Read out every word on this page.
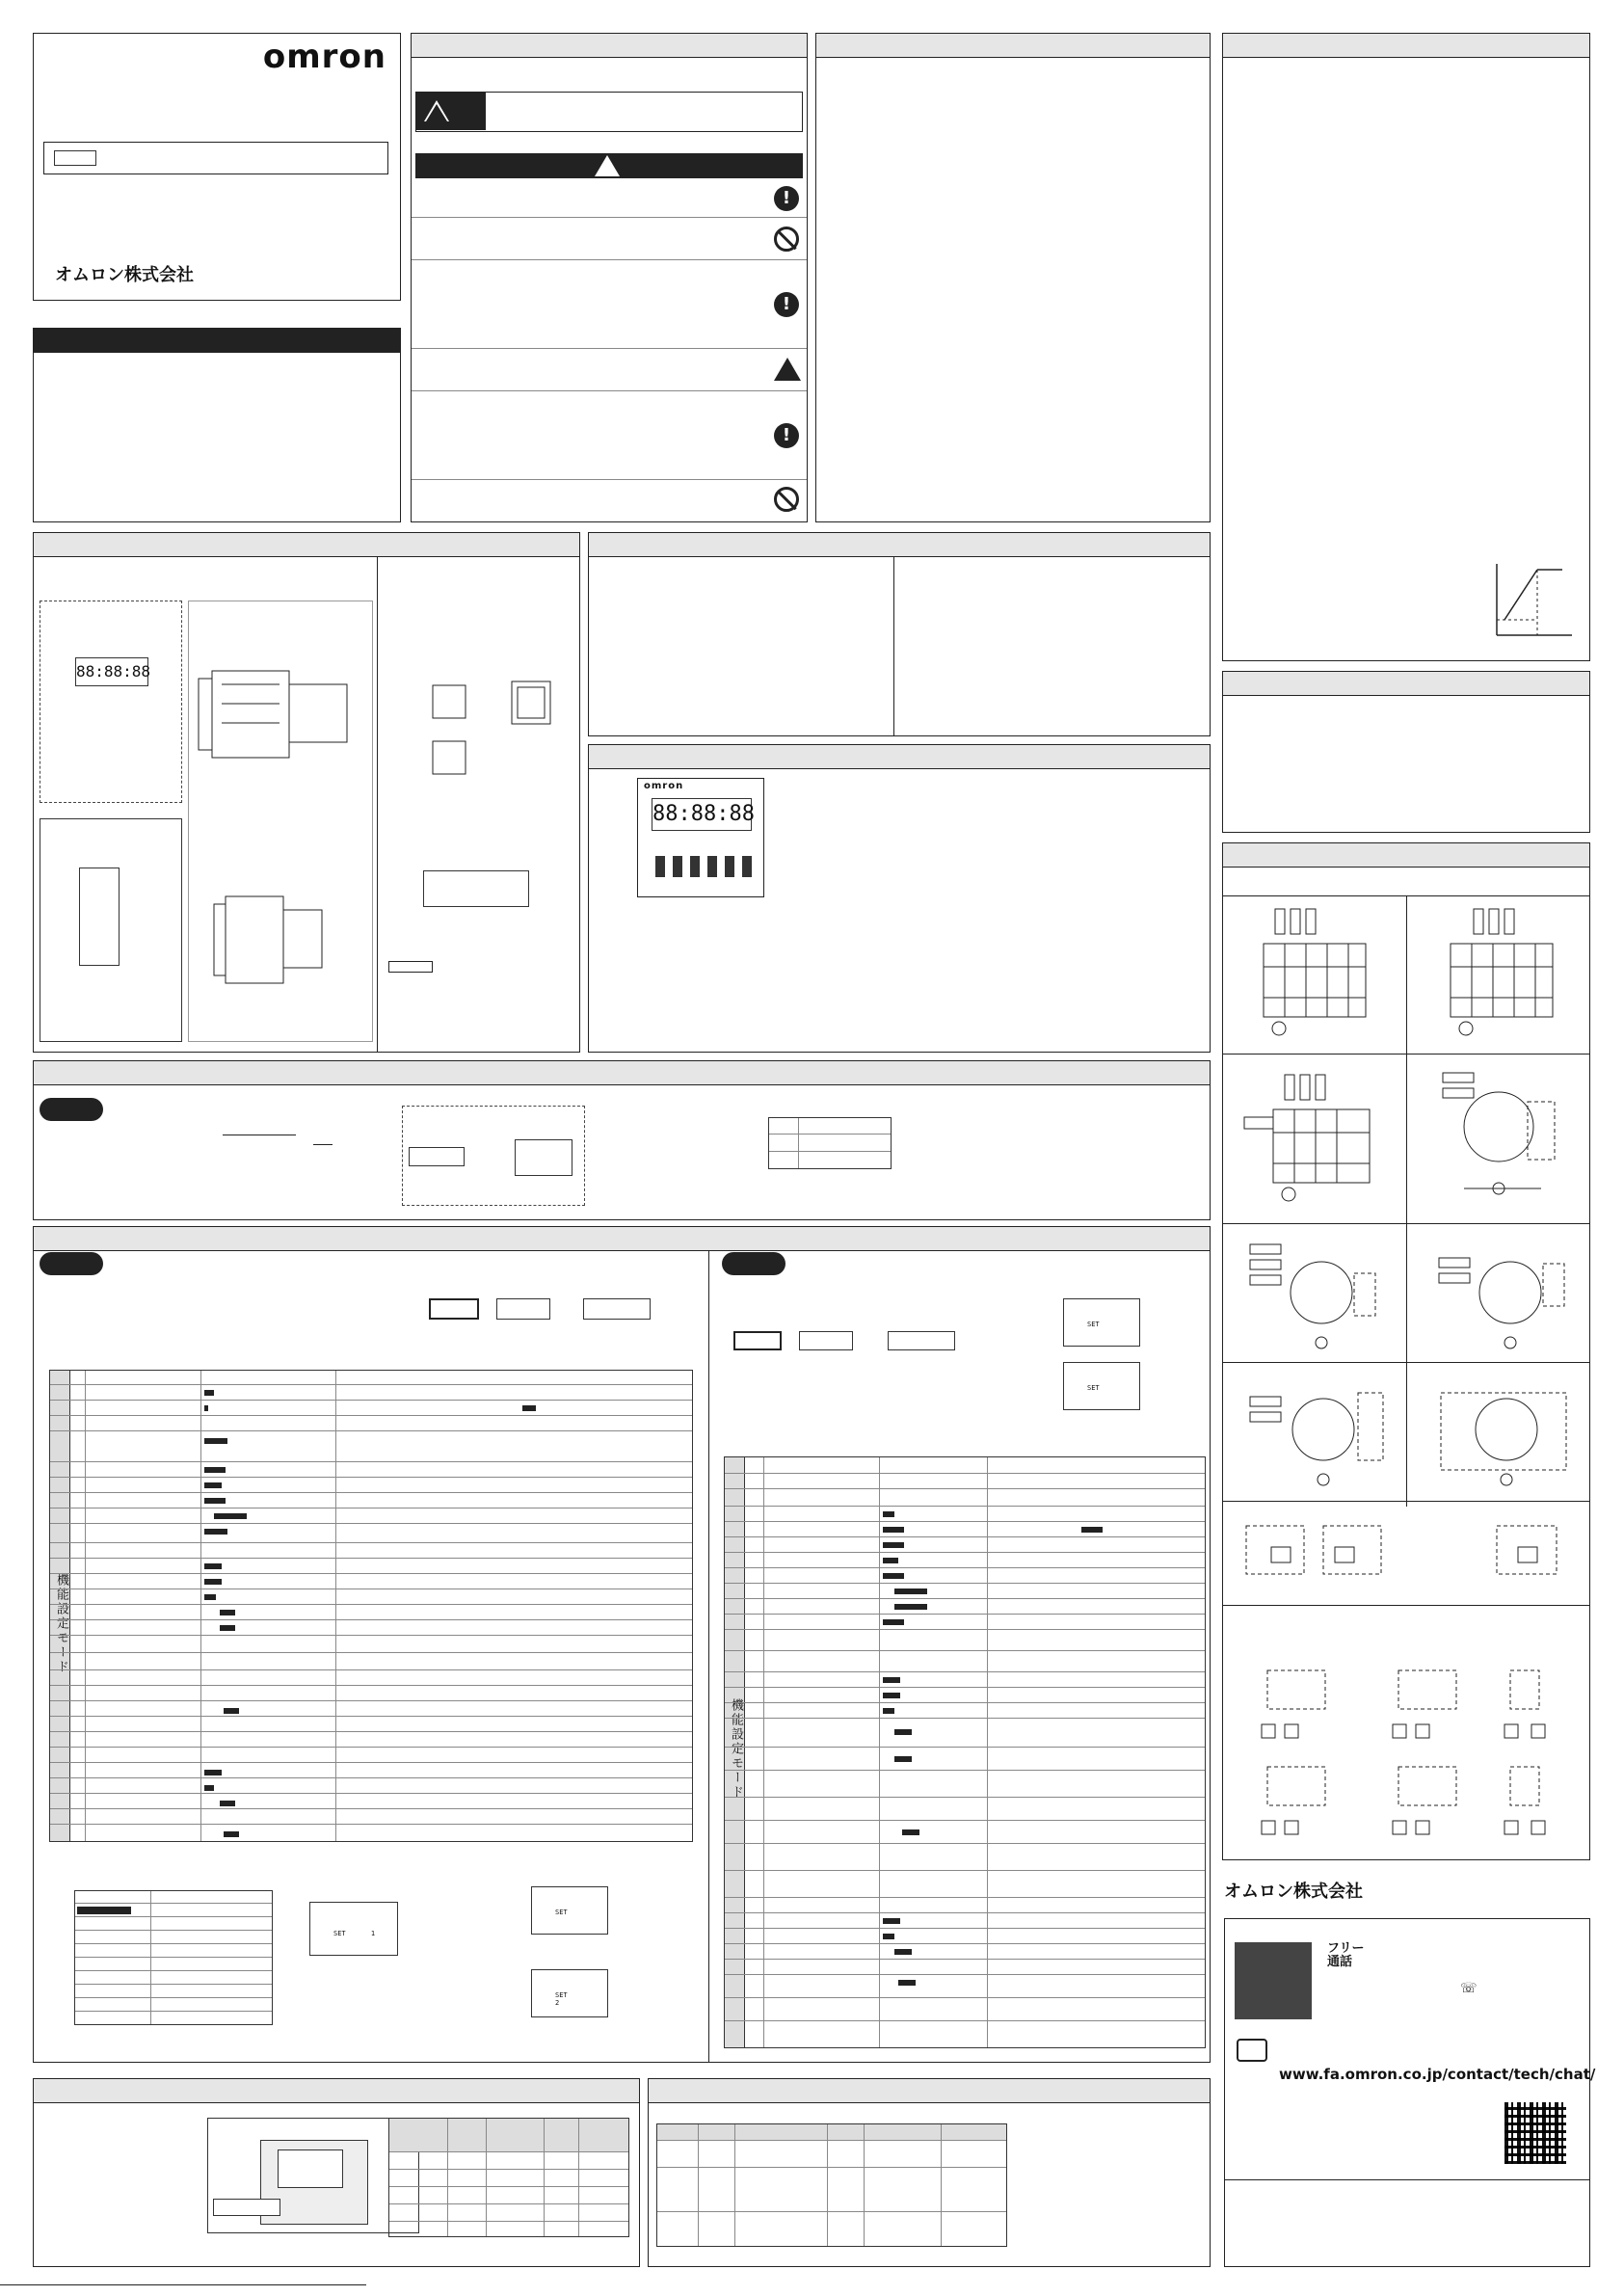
omron
オムロン株式会社
!
!
!
88:88:88
omron
88:88:88
SET
SET
機能設定モード
SET	1
SET
SET
2
機能設定モード
オムロン株式会社
フリー通話
☏
www.fa.omron.co.jp/contact/tech/chat/
